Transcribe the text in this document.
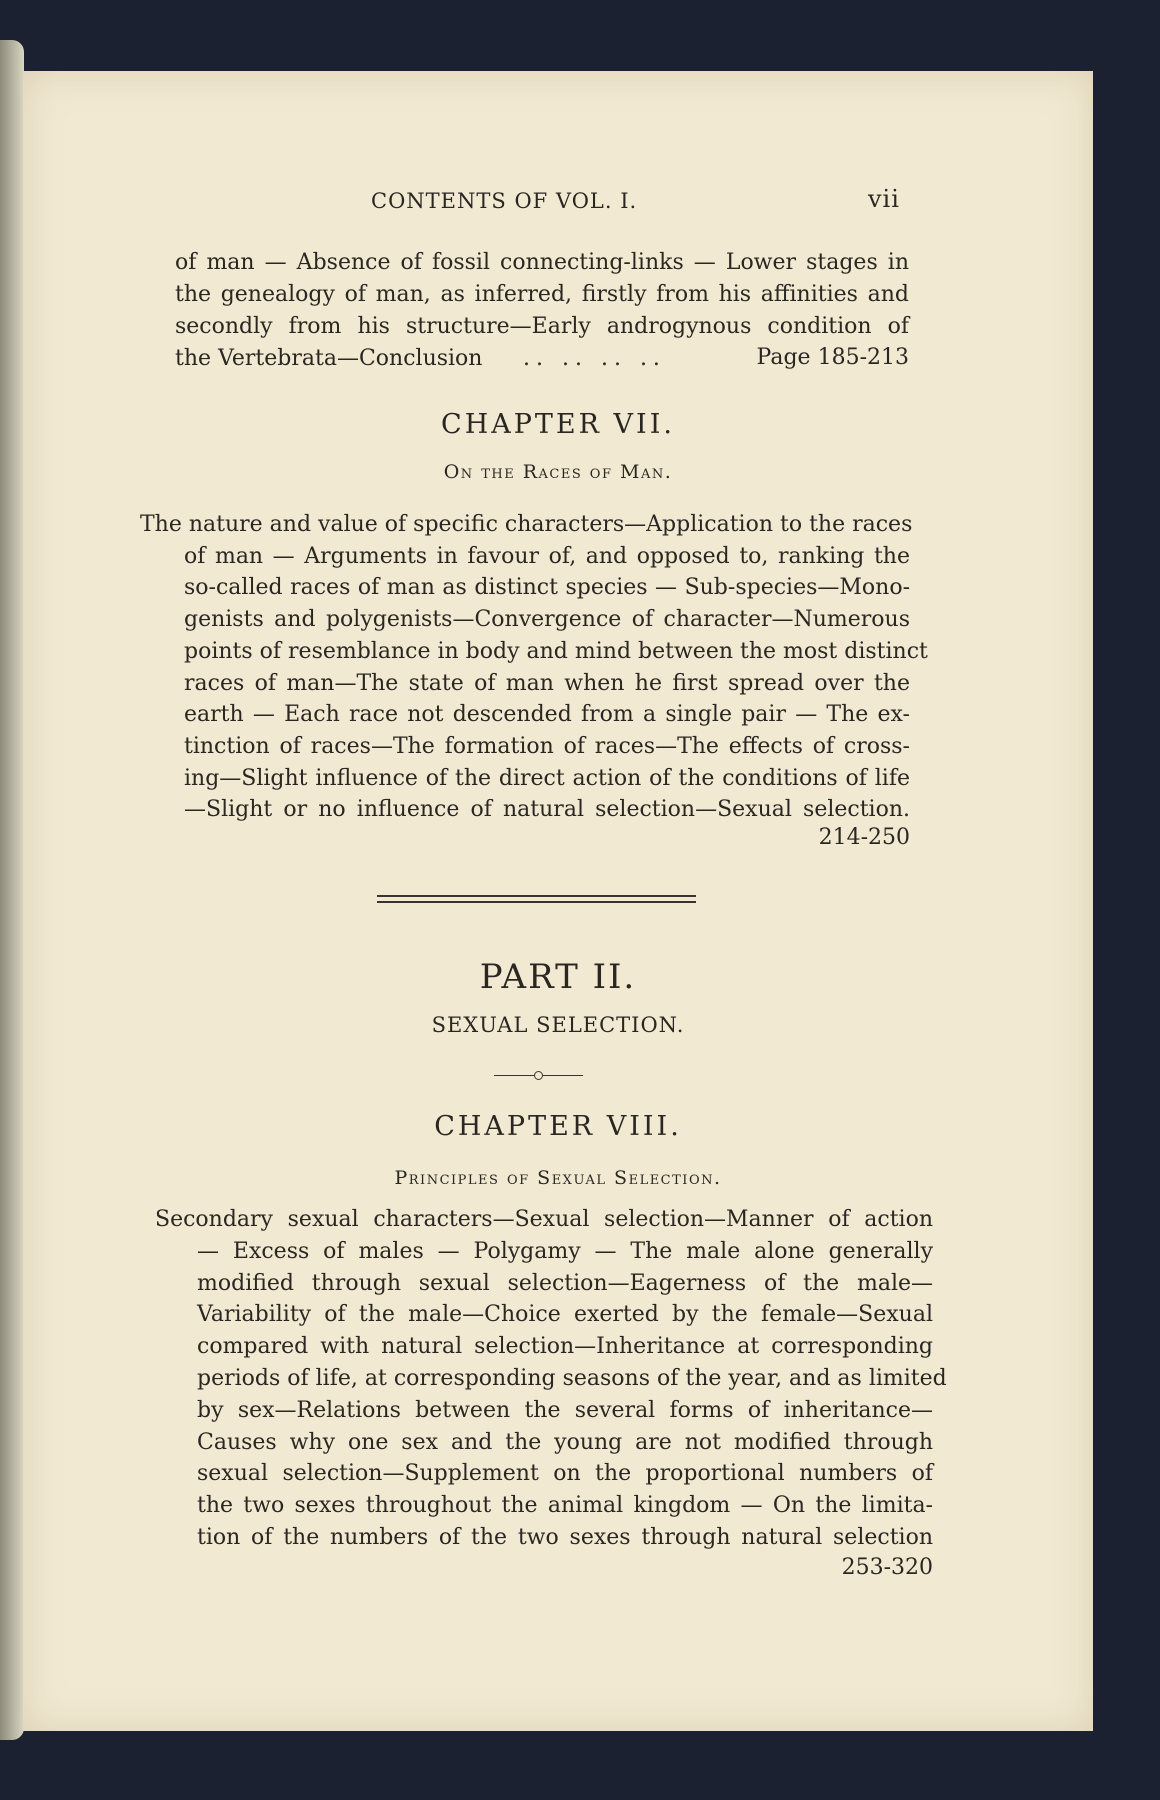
CONTENTS OF VOL. I.	vii
of man — Absence of fossil connecting-links — Lower stages in
the genealogy of man, as inferred, firstly from his affinities and
secondly from his structure—Early androgynous condition of
the Vertebrata—Conclusion	.. .. .. ..	Page 185-213
CHAPTER VII.
On the Races of Man.
The nature and value of specific characters—Application to the races
of man — Arguments in favour of, and opposed to, ranking the
so-called races of man as distinct species — Sub-species—Mono-
genists and polygenists—Convergence of character—Numerous
points of resemblance in body and mind between the most distinct
races of man—The state of man when he first spread over the
earth — Each race not descended from a single pair — The ex-
tinction of races—The formation of races—The effects of cross-
ing—Slight influence of the direct action of the conditions of life
—Slight or no influence of natural selection—Sexual selection.
214-250
PART II.
SEXUAL SELECTION.
CHAPTER VIII.
Principles of Sexual Selection.
Secondary sexual characters—Sexual selection—Manner of action
— Excess of males — Polygamy — The male alone generally
modified through sexual selection—Eagerness of the male—
Variability of the male—Choice exerted by the female—Sexual
compared with natural selection—Inheritance at corresponding
periods of life, at corresponding seasons of the year, and as limited
by sex—Relations between the several forms of inheritance—
Causes why one sex and the young are not modified through
sexual selection—Supplement on the proportional numbers of
the two sexes throughout the animal kingdom — On the limita-
tion of the numbers of the two sexes through natural selection
253-320
